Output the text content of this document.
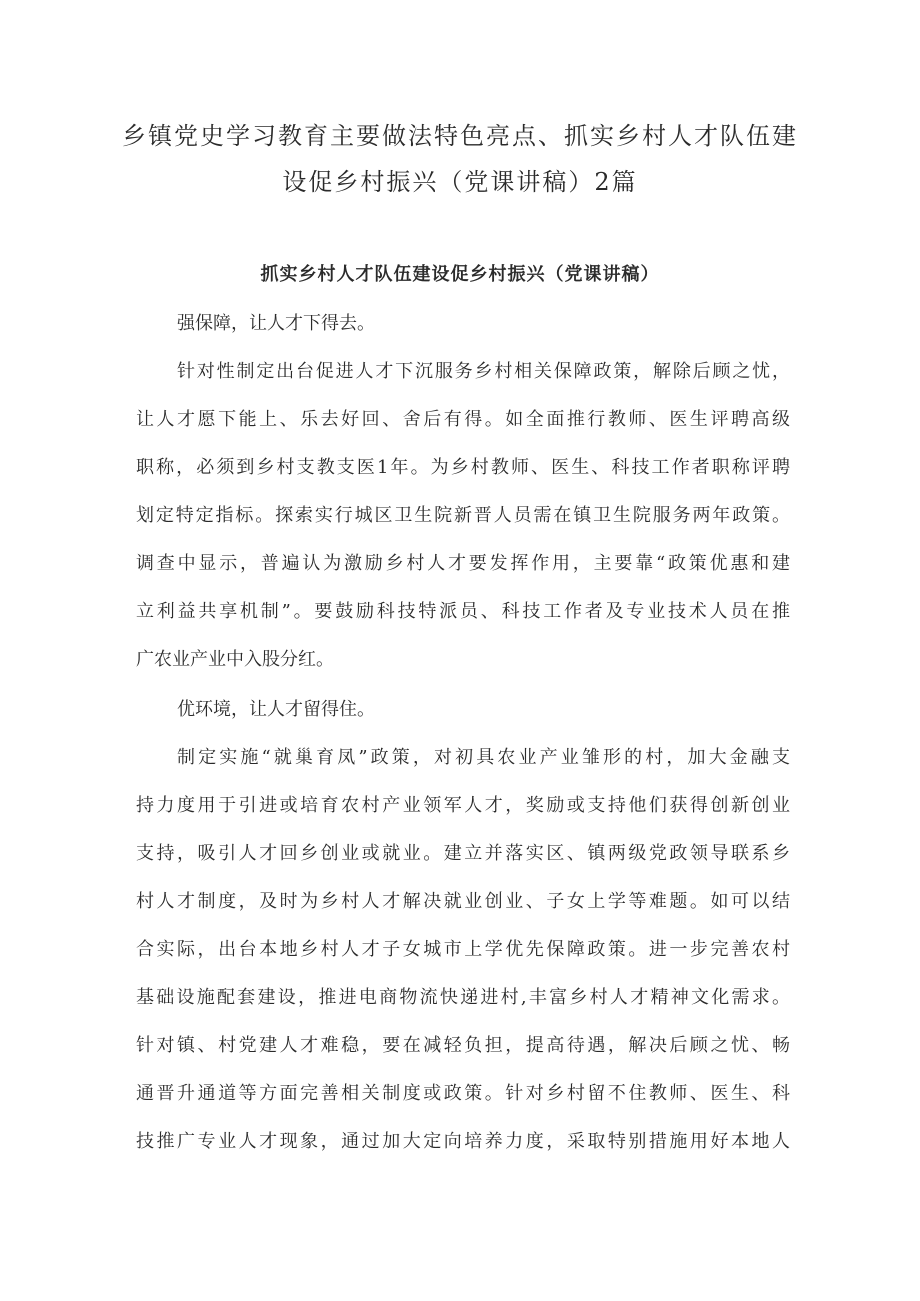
乡镇党史学习教育主要做法特色亮点、抓实乡村人才队伍建
设促乡村振兴（党课讲稿）2篇
抓实乡村人才队伍建设促乡村振兴（党课讲稿）

强保障，让人才下得去。

针对性制定出台促进人才下沉服务乡村相关保障政策，解除后顾之忧，

让人才愿下能上、乐去好回、舍后有得。如全面推行教师、医生评聘高级

职称，必须到乡村支教支医1年。为乡村教师、医生、科技工作者职称评聘

划定特定指标。探索实行城区卫生院新晋人员需在镇卫生院服务两年政策。

调查中显示，普遍认为激励乡村人才要发挥作用，主要靠“政策优惠和建

立利益共享机制”。要鼓励科技特派员、科技工作者及专业技术人员在推

广农业产业中入股分红。

优环境，让人才留得住。

制定实施“就巢育凤”政策，对初具农业产业雏形的村，加大金融支

持力度用于引进或培育农村产业领军人才，奖励或支持他们获得创新创业

支持，吸引人才回乡创业或就业。建立并落实区、镇两级党政领导联系乡

村人才制度，及时为乡村人才解决就业创业、子女上学等难题。如可以结

合实际，出台本地乡村人才子女城市上学优先保障政策。进一步完善农村

基础设施配套建设，推进电商物流快递进村,丰富乡村人才精神文化需求。

针对镇、村党建人才难稳，要在减轻负担，提高待遇，解决后顾之忧、畅

通晋升通道等方面完善相关制度或政策。针对乡村留不住教师、医生、科

技推广专业人才现象，通过加大定向培养力度，采取特别措施用好本地人
